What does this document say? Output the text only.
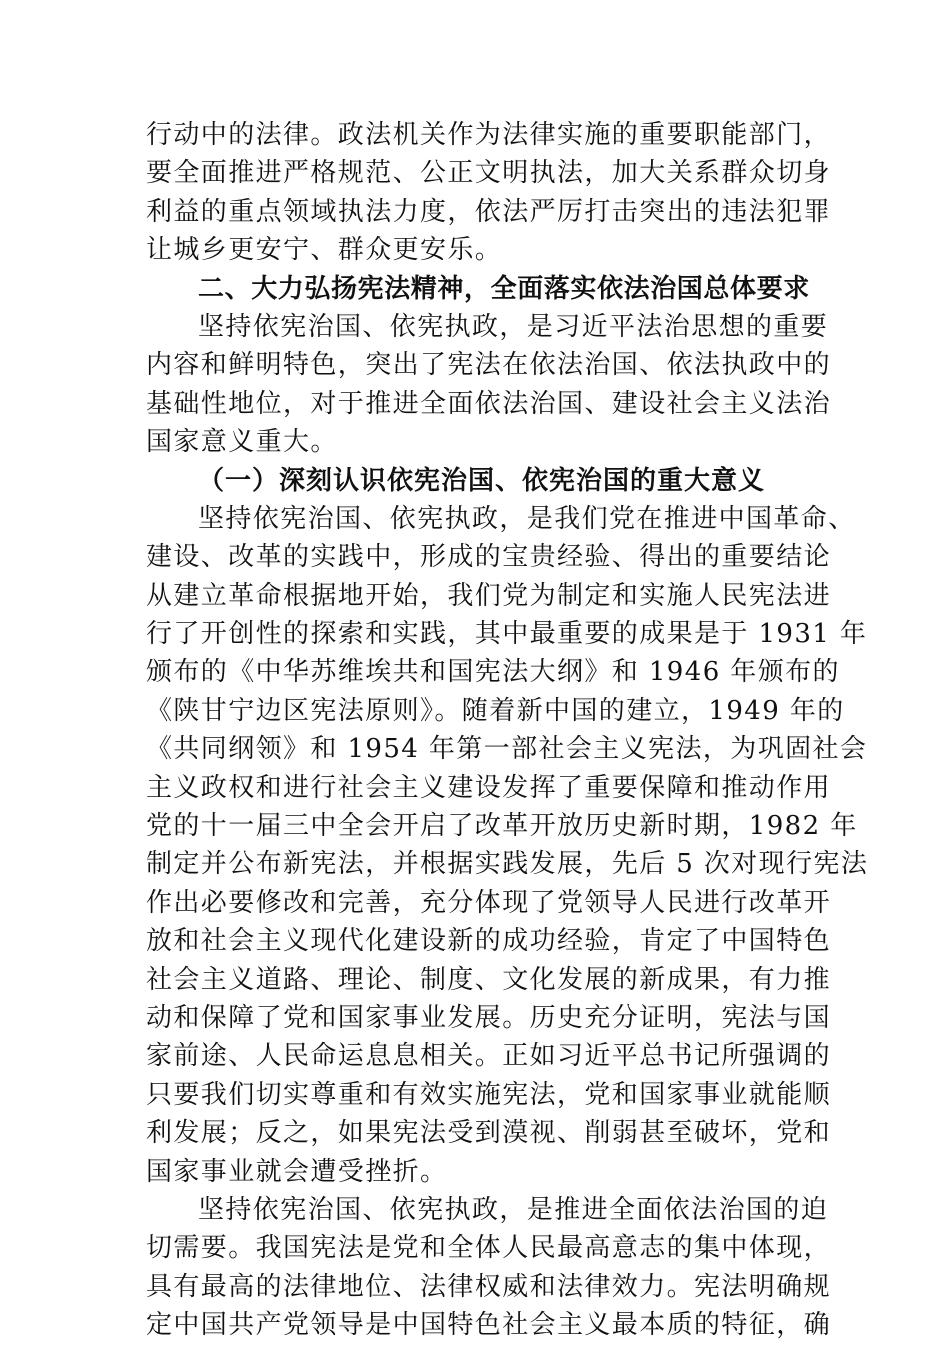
行动中的法律。政法机关作为法律实施的重要职能部门，
要全面推进严格规范、公正文明执法，加大关系群众切身
利益的重点领域执法力度，依法严厉打击突出的违法犯罪
让城乡更安宁、群众更安乐。
二、大力弘扬宪法精神，全面落实依法治国总体要求
坚持依宪治国、依宪执政，是习近平法治思想的重要
内容和鲜明特色，突出了宪法在依法治国、依法执政中的
基础性地位，对于推进全面依法治国、建设社会主义法治
国家意义重大。
（一）深刻认识依宪治国、依宪治国的重大意义
坚持依宪治国、依宪执政，是我们党在推进中国革命、
建设、改革的实践中，形成的宝贵经验、得出的重要结论
从建立革命根据地开始，我们党为制定和实施人民宪法进
行了开创性的探索和实践，其中最重要的成果是于 1931 年
颁布的《中华苏维埃共和国宪法大纲》和 1946 年颁布的
《陕甘宁边区宪法原则》。随着新中国的建立，1949 年的
《共同纲领》和 1954 年第一部社会主义宪法，为巩固社会
主义政权和进行社会主义建设发挥了重要保障和推动作用
党的十一届三中全会开启了改革开放历史新时期，1982 年
制定并公布新宪法，并根据实践发展，先后 5 次对现行宪法
作出必要修改和完善，充分体现了党领导人民进行改革开
放和社会主义现代化建设新的成功经验，肯定了中国特色
社会主义道路、理论、制度、文化发展的新成果，有力推
动和保障了党和国家事业发展。历史充分证明，宪法与国
家前途、人民命运息息相关。正如习近平总书记所强调的
只要我们切实尊重和有效实施宪法，党和国家事业就能顺
利发展；反之，如果宪法受到漠视、削弱甚至破坏，党和
国家事业就会遭受挫折。
坚持依宪治国、依宪执政，是推进全面依法治国的迫
切需要。我国宪法是党和全体人民最高意志的集中体现，
具有最高的法律地位、法律权威和法律效力。宪法明确规
定中国共产党领导是中国特色社会主义最本质的特征，确
